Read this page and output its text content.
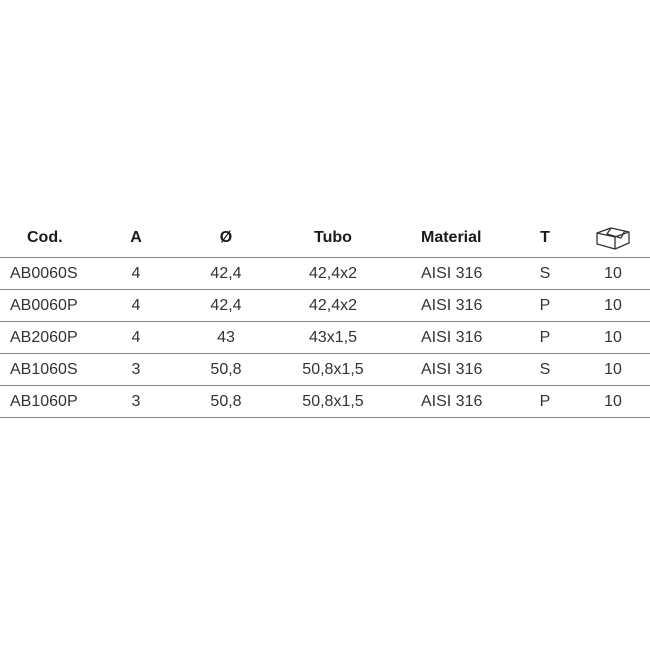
Cod.	A	Ø	Tubo	Material	T
AB0060S	4	42,4	42,4x2	AISI 316	S	10
AB0060P	4	42,4	42,4x2	AISI 316	P	10
AB2060P	4	43	43x1,5	AISI 316	P	10
AB1060S	3	50,8	50,8x1,5	AISI 316	S	10
AB1060P	3	50,8	50,8x1,5	AISI 316	P	10
